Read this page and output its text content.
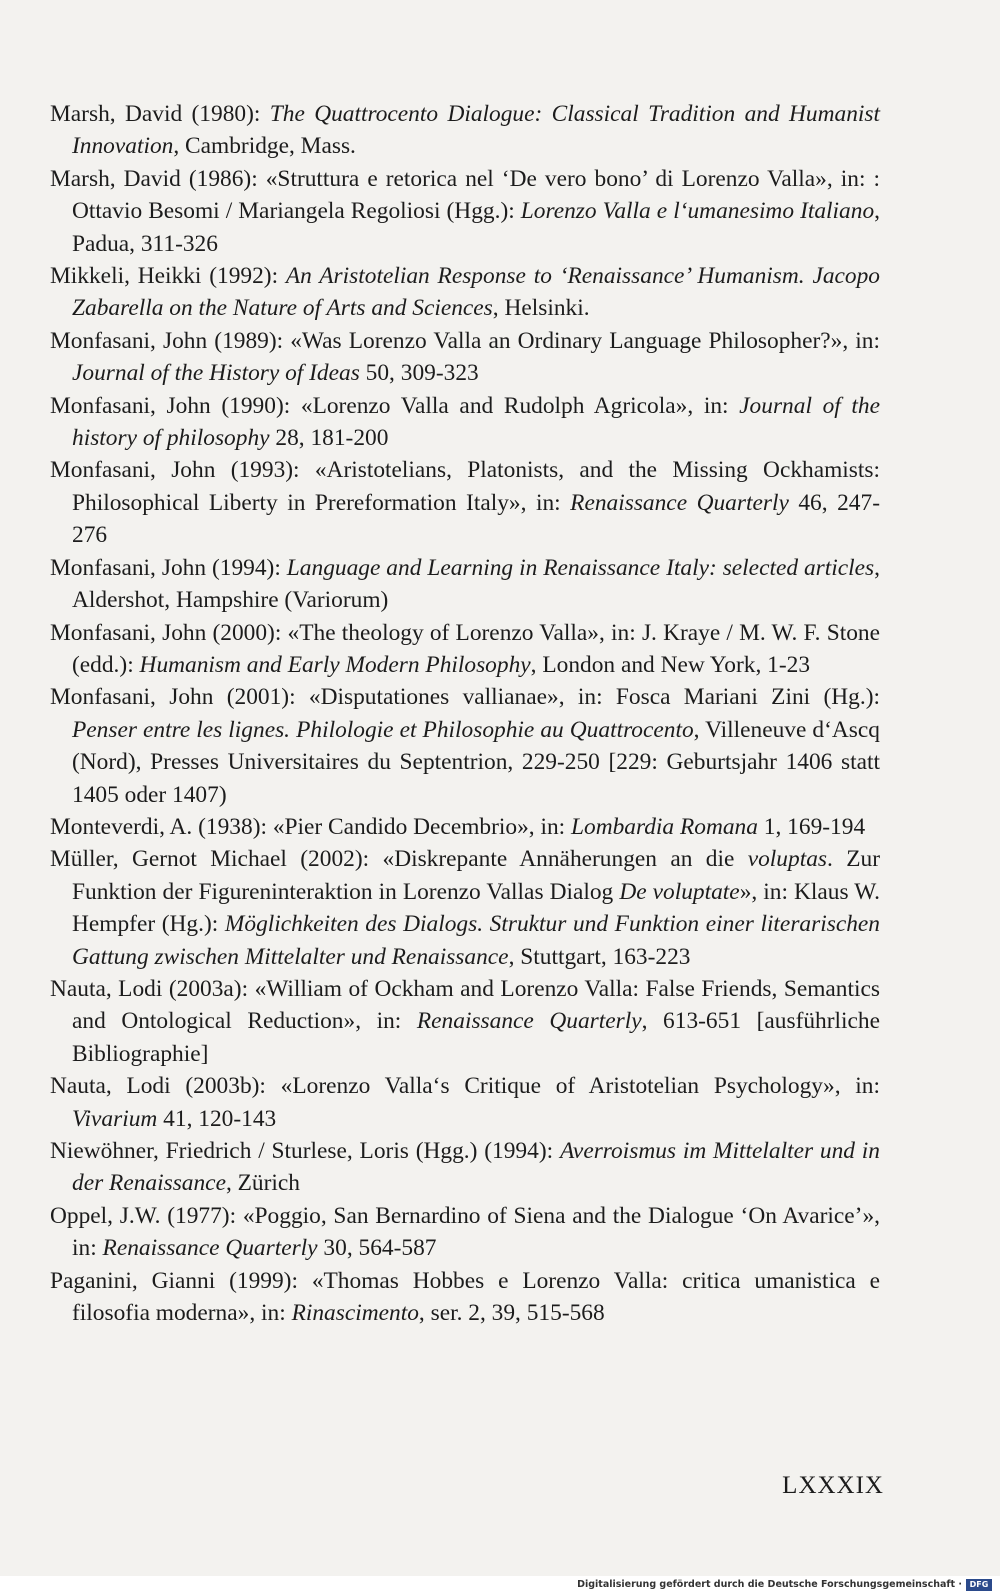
Marsh, David (1980): The Quattrocento Dialogue: Classical Tradition and Humanist Innovation, Cambridge, Mass.

Marsh, David (1986): «Struttura e retorica nel ‘De vero bono’ di Lorenzo Valla», in: : Ottavio Besomi / Mariangela Regoliosi (Hgg.): Lorenzo Valla e l‘umanesimo Italiano, Padua, 311-326

Mikkeli, Heikki (1992): An Aristotelian Response to ‘Renaissance’ Humanism. Jacopo Zabarella on the Nature of Arts and Sciences, Helsinki.

Monfasani, John (1989): «Was Lorenzo Valla an Ordinary Language Philosopher?», in: Journal of the History of Ideas 50, 309-323

Monfasani, John (1990): «Lorenzo Valla and Rudolph Agricola», in: Journal of the history of philosophy 28, 181-200

Monfasani, John (1993): «Aristotelians, Platonists, and the Missing Ockhamists: Philosophical Liberty in Prereformation Italy», in: Renaissance Quarterly 46, 247-276

Monfasani, John (1994): Language and Learning in Renaissance Italy: selected articles, Aldershot, Hampshire (Variorum)

Monfasani, John (2000): «The theology of Lorenzo Valla», in: J. Kraye / M. W. F. Stone (edd.): Humanism and Early Modern Philosophy, London and New York, 1-23

Monfasani, John (2001): «Disputationes vallianae», in: Fosca Mariani Zini (Hg.): Penser entre les lignes. Philologie et Philosophie au Quattrocento, Villeneuve d‘Ascq (Nord), Presses Universitaires du Septentrion, 229-250 [229: Geburtsjahr 1406 statt 1405 oder 1407)

Monteverdi, A. (1938): «Pier Candido Decembrio», in: Lombardia Romana 1, 169-194

Müller, Gernot Michael (2002): «Diskrepante Annäherungen an die voluptas. Zur Funktion der Figureninteraktion in Lorenzo Vallas Dialog De voluptate», in: Klaus W. Hempfer (Hg.): Möglichkeiten des Dialogs. Struktur und Funktion einer literarischen Gattung zwischen Mittelalter und Renaissance, Stuttgart, 163-223

Nauta, Lodi (2003a): «William of Ockham and Lorenzo Valla: False Friends, Semantics and Ontological Reduction», in: Renaissance Quarterly, 613-651 [ausführliche Bibliographie]

Nauta, Lodi (2003b): «Lorenzo Valla‘s Critique of Aristotelian Psychology», in: Vivarium 41, 120-143

Niewöhner, Friedrich / Sturlese, Loris (Hgg.) (1994): Averroismus im Mittelalter und in der Renaissance, Zürich

Oppel, J.W. (1977): «Poggio, San Bernardino of Siena and the Dialogue ‘On Avarice’», in: Renaissance Quarterly 30, 564-587

Paganini, Gianni (1999): «Thomas Hobbes e Lorenzo Valla: critica umanistica e filosofia moderna», in: Rinascimento, ser. 2, 39, 515-568

LXXXIX
Digitalisierung gefördert durch die Deutsche Forschungsgemeinschaft · DFG
